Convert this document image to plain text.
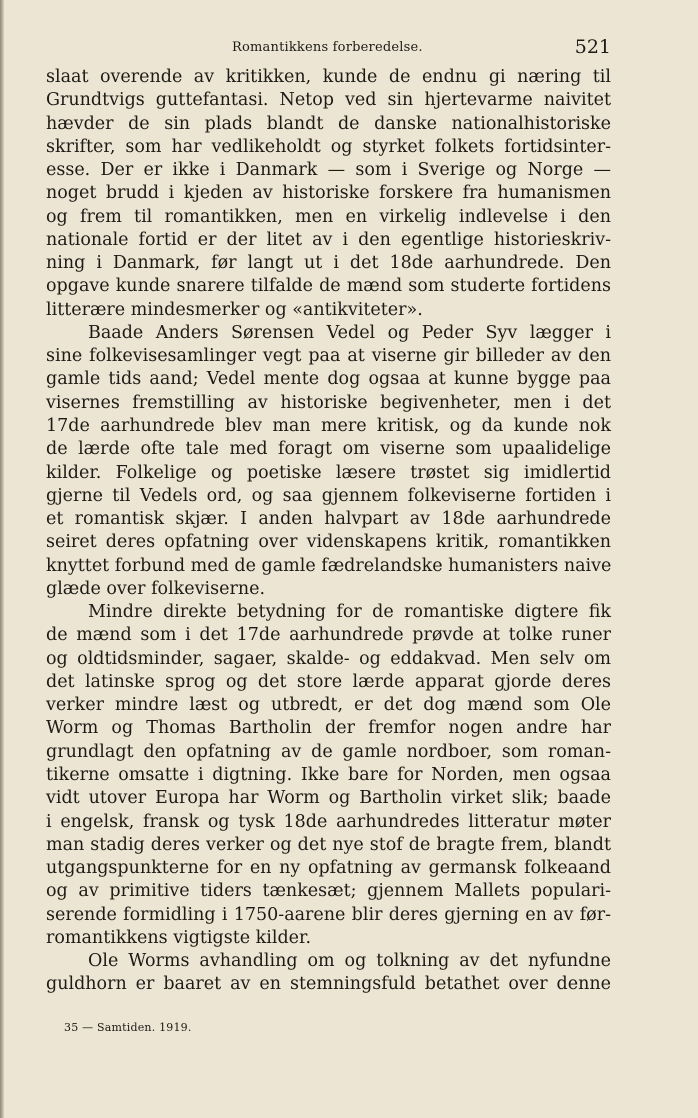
Romantikkens forberedelse.	521
slaat overende av kritikken, kunde de endnu gi næring til
Grundtvigs guttefantasi. Netop ved sin hjertevarme naivitet
hævder de sin plads blandt de danske nationalhistoriske
skrifter, som har vedlikeholdt og styrket folkets fortidsinter-
esse. Der er ikke i Danmark — som i Sverige og Norge —
noget brudd i kjeden av historiske forskere fra humanismen
og frem til romantikken, men en virkelig indlevelse i den
nationale fortid er der litet av i den egentlige historieskriv-
ning i Danmark, før langt ut i det 18de aarhundrede. Den
opgave kunde snarere tilfalde de mænd som studerte fortidens
litterære mindesmerker og «antikviteter».
Baade Anders Sørensen Vedel og Peder Syv lægger i
sine folkevisesamlinger vegt paa at viserne gir billeder av den
gamle tids aand; Vedel mente dog ogsaa at kunne bygge paa
visernes fremstilling av historiske begivenheter, men i det
17de aarhundrede blev man mere kritisk, og da kunde nok
de lærde ofte tale med foragt om viserne som upaalidelige
kilder. Folkelige og poetiske læsere trøstet sig imidlertid
gjerne til Vedels ord, og saa gjennem folkeviserne fortiden i
et romantisk skjær. I anden halvpart av 18de aarhundrede
seiret deres opfatning over videnskapens kritik, romantikken
knyttet forbund med de gamle fædrelandske humanisters naive
glæde over folkeviserne.
Mindre direkte betydning for de romantiske digtere fik
de mænd som i det 17de aarhundrede prøvde at tolke runer
og oldtidsminder, sagaer, skalde- og eddakvad. Men selv om
det latinske sprog og det store lærde apparat gjorde deres
verker mindre læst og utbredt, er det dog mænd som Ole
Worm og Thomas Bartholin der fremfor nogen andre har
grundlagt den opfatning av de gamle nordboer, som roman-
tikerne omsatte i digtning. Ikke bare for Norden, men ogsaa
vidt utover Europa har Worm og Bartholin virket slik; baade
i engelsk, fransk og tysk 18de aarhundredes litteratur møter
man stadig deres verker og det nye stof de bragte frem, blandt
utgangspunkterne for en ny opfatning av germansk folkeaand
og av primitive tiders tænkesæt; gjennem Mallets populari-
serende formidling i 1750-aarene blir deres gjerning en av før-
romantikkens vigtigste kilder.
Ole Worms avhandling om og tolkning av det nyfundne
guldhorn er baaret av en stemningsfuld betathet over denne
35 — Samtiden. 1919.
